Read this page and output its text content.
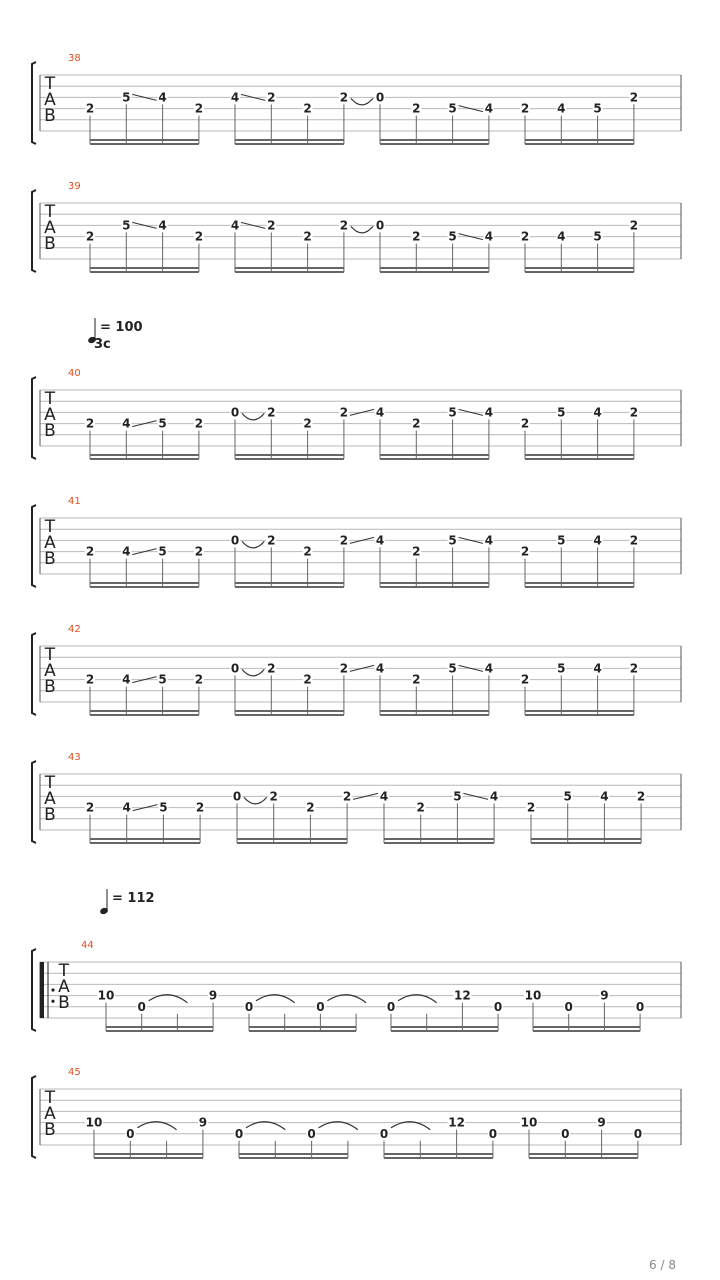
T
A
B
38
2
5 4
2
4 2
2
2 0
2 5 4 2 4 5
2
T
A
B
39
2
5 4
2
4 2
2
2 0
2 5 4 2 4 5
2
T
A
B
40
2 4 5 2
0 2
2
2 4
2
5 4
2
5 4 2
T
A
B
41
2 4 5 2
0 2
2
2 4
2
5 4
2
5 4 2
T
A
B
42
2 4 5 2
0 2
2
2 4
2
5 4
2
5 4 2
T
A
B
43
2 4 5 2
0 2
2
2 4
2
5 4
2
5 4 2
T
A
B
44
10
0
9
0	0	0
12
0
10
0
9
0
T
A
B
45
10
0
9
0	0	0
12
0
10
0
9
0
= 100
3c
= 112
6 / 8
